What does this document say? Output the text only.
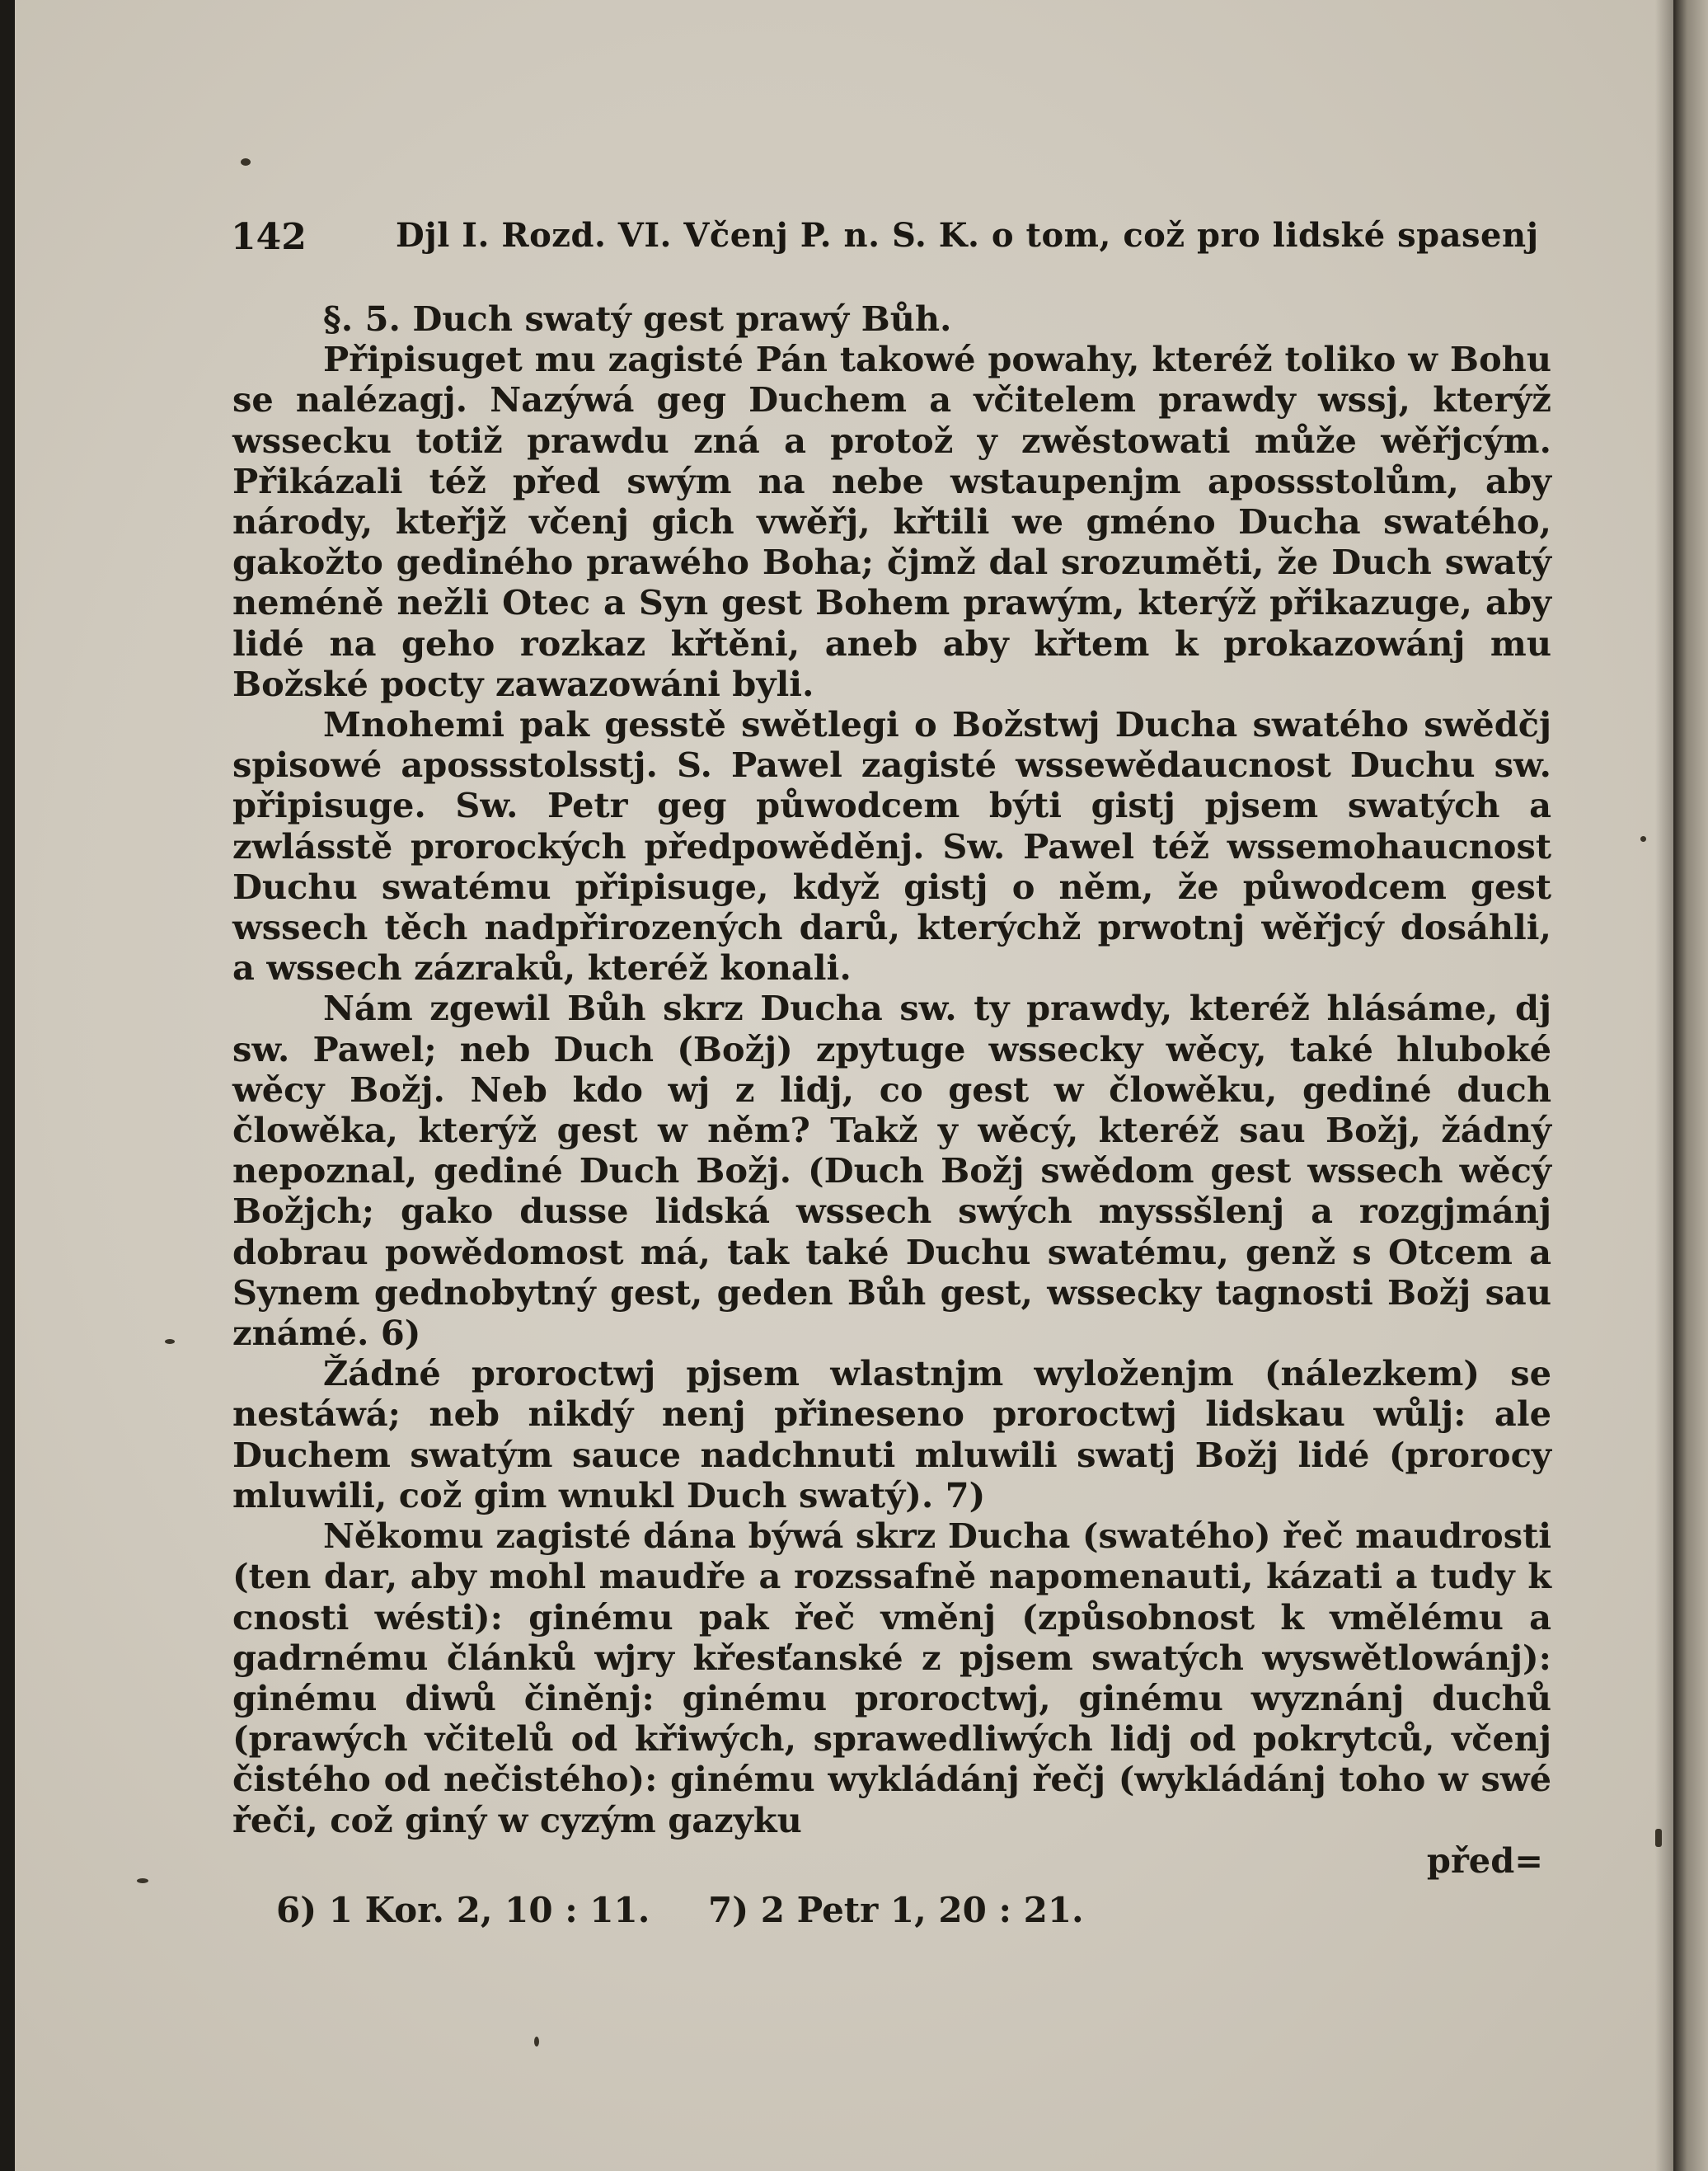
142	Djl I. Rozd. VI. Včenj P. n. S. K. o tom, což pro lidské spasenj

§. 5. Duch swatý gest prawý Bůh.

Připisuget mu zagisté Pán takowé powahy, kteréž toliko w Bohu se nalézagj. Nazýwá geg Duchem a včitelem prawdy wssj, kterýž wssecku totiž prawdu zná a protož y zwěstowati může wěřjcým. Přikázali též před swým na nebe wstaupenjm apossstolům, aby národy, kteřjž včenj gich vwěřj, křtili we gméno Ducha swatého, gakožto gediného prawého Boha; čjmž dal srozuměti, že Duch swatý neméně nežli Otec a Syn gest Bohem prawým, kterýž přikazuge, aby lidé na geho rozkaz křtěni, aneb aby křtem k prokazowánj mu Božské pocty zawazowáni byli.

Mnohemi pak gesstě swětlegi o Božstwj Ducha swatého swědčj spisowé apossstolsstj. S. Pawel zagisté wssewědaucnost Duchu sw. připisuge. Sw. Petr geg půwodcem býti gistj pjsem swatých a zwlásstě prorockých předpowěděnj. Sw. Pawel též wssemohaucnost Duchu swatému připisuge, když gistj o něm, že půwodcem gest wssech těch nadpřirozených darů, kterýchž prwotnj wěřjcý dosáhli, a wssech zázraků, kteréž konali.

Nám zgewil Bůh skrz Ducha sw. ty prawdy, kteréž hlásáme, dj sw. Pawel; neb Duch (Božj) zpytuge wssecky wěcy, také hluboké wěcy Božj. Neb kdo wj z lidj, co gest w člowěku, gediné duch člowěka, kterýž gest w něm? Takž y wěcý, kteréž sau Božj, žádný nepoznal, gediné Duch Božj. (Duch Božj swědom gest wssech wěcý Božjch; gako dusse lidská wssech swých myssšlenj a rozgjmánj dobrau powědomost má, tak také Duchu swatému, genž s Otcem a Synem gednobytný gest, geden Bůh gest, wssecky tagnosti Božj sau známé. 6)

Žádné proroctwj pjsem wlastnjm wyloženjm (nálezkem) se nestáwá; neb nikdý nenj přineseno proroctwj lidskau wůlj: ale Duchem swatým sauce nadchnuti mluwili swatj Božj lidé (prorocy mluwili, což gim wnukl Duch swatý). 7)

Někomu zagisté dána býwá skrz Ducha (swatého) řeč maudrosti (ten dar, aby mohl maudře a rozssafně napomenauti, kázati a tudy k cnosti wésti): ginému pak řeč vměnj (způsobnost k vmělému a gadrnému článků wjry křesťanské z pjsem swatých wyswětlowánj): ginému diwů činěnj: ginému proroctwj, ginému wyznánj duchů (prawých včitelů od křiwých, sprawedliwých lidj od pokrytců, včenj čistého od nečistého): ginému wykládánj řečj (wykládánj toho w swé řeči, což giný w cyzým gazyku

před=

6) 1 Kor. 2, 10 : 11. 7) 2 Petr 1, 20 : 21.
